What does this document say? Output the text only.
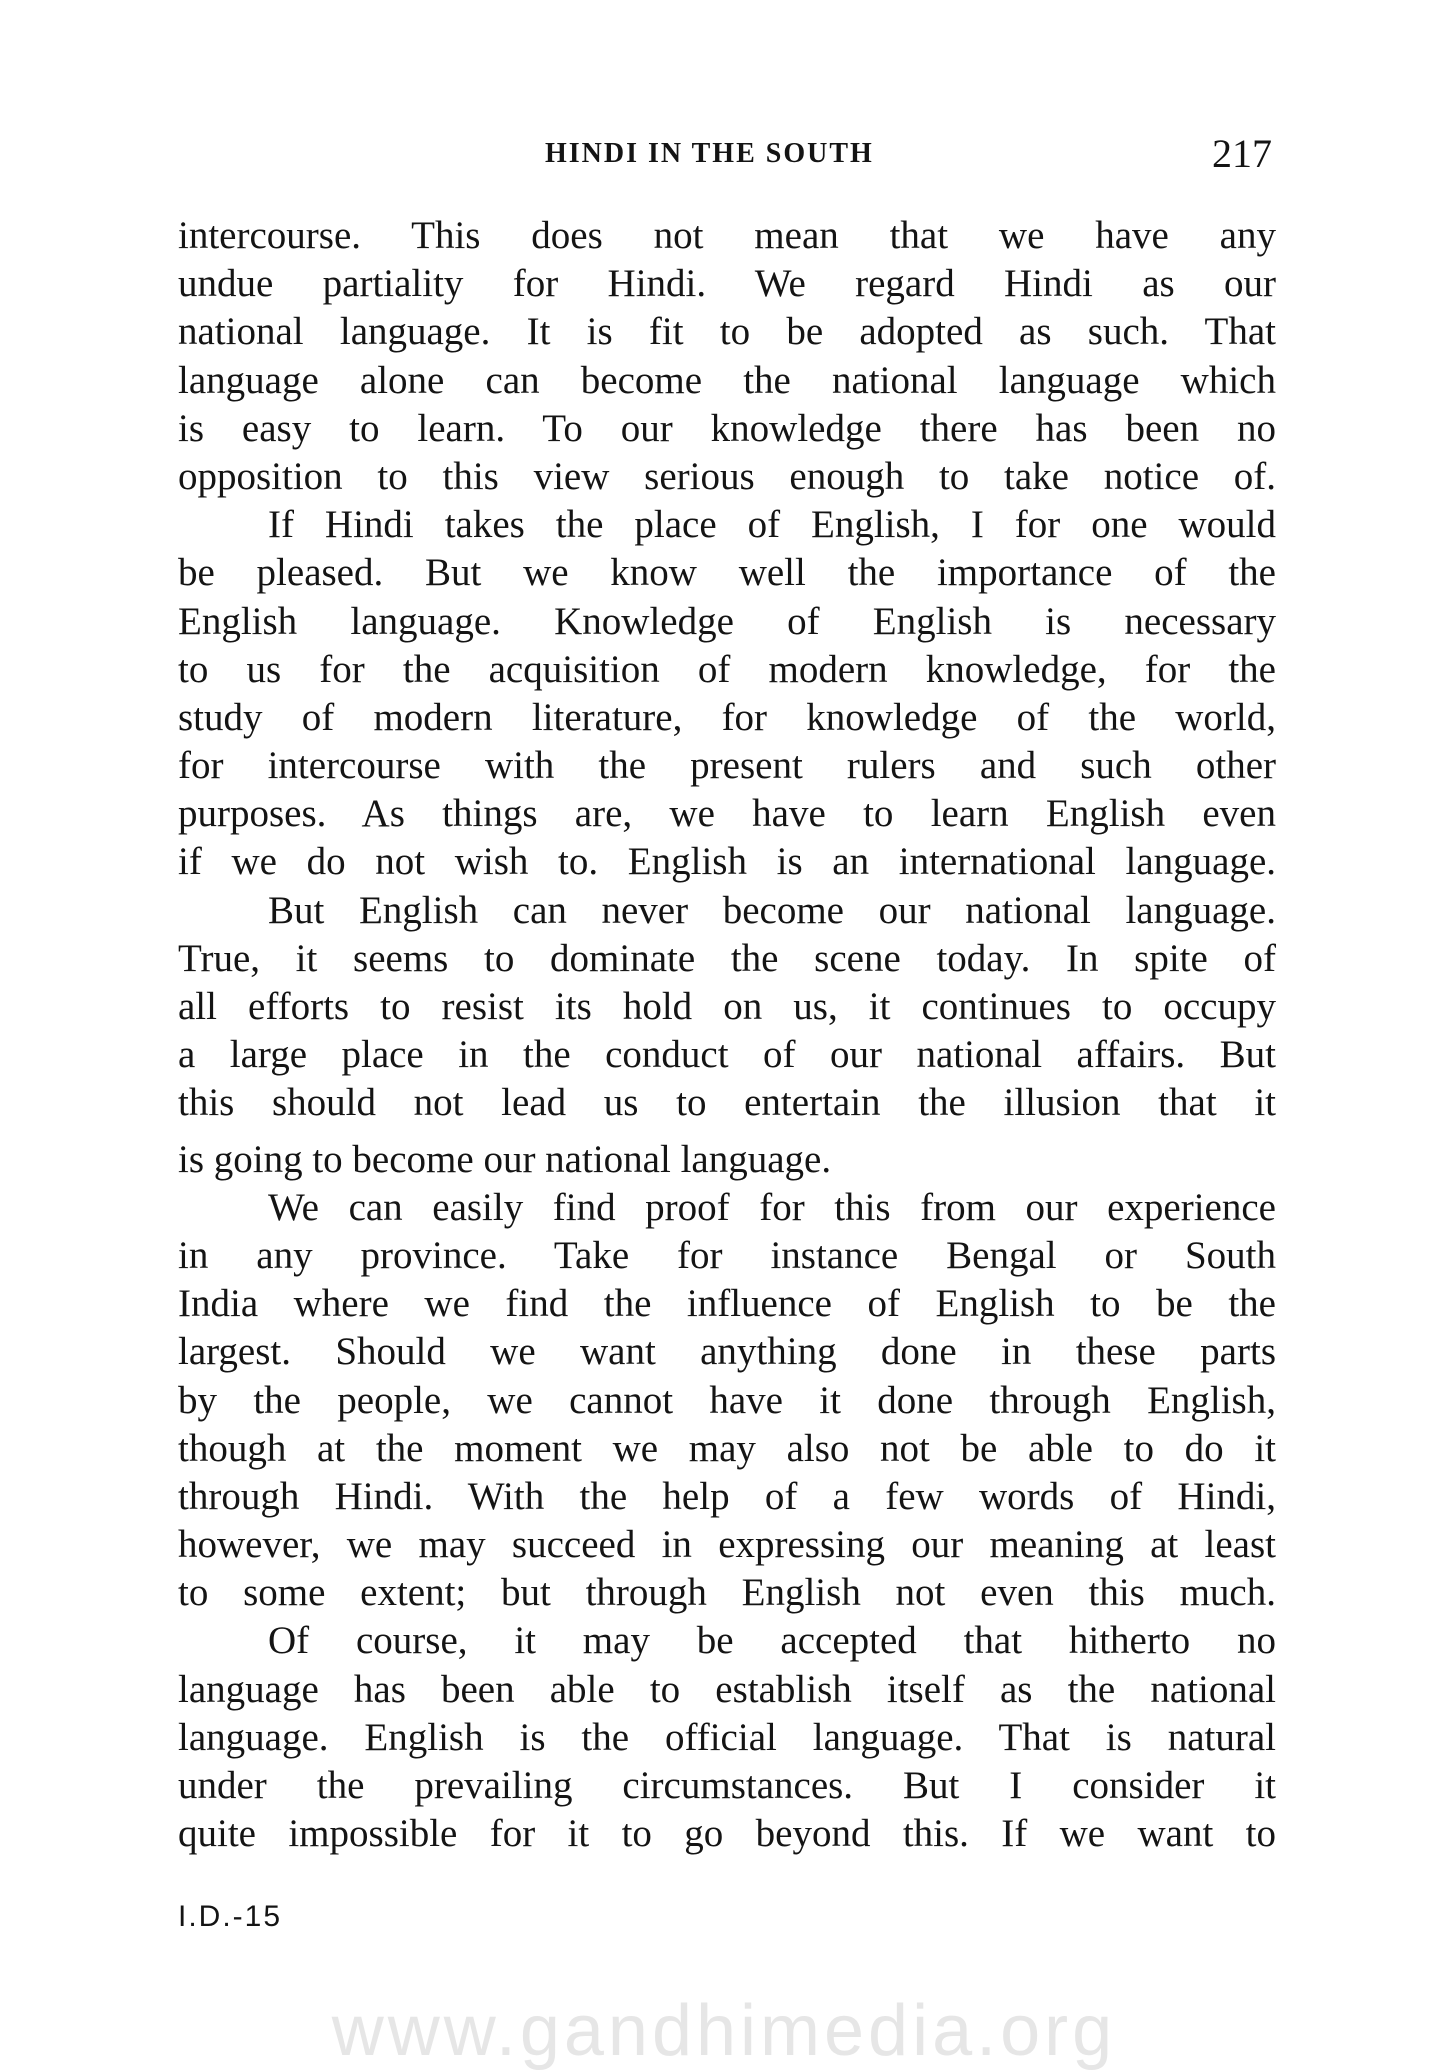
HINDI IN THE SOUTH	217
intercourse. This does not mean that we have any
undue partiality for Hindi. We regard Hindi as our
national language. It is fit to be adopted as such. That
language alone can become the national language which
is easy to learn. To our knowledge there has been no
opposition to this view serious enough to take notice of.
If Hindi takes the place of English, I for one would
be pleased. But we know well the importance of the
English language. Knowledge of English is necessary
to us for the acquisition of modern knowledge, for the
study of modern literature, for knowledge of the world,
for intercourse with the present rulers and such other
purposes. As things are, we have to learn English even
if we do not wish to. English is an international language.
But English can never become our national language.
True, it seems to dominate the scene today. In spite of
all efforts to resist its hold on us, it continues to occupy
a large place in the conduct of our national affairs. But
this should not lead us to entertain the illusion that it
is going to become our national language.
We can easily find proof for this from our experience
in any province. Take for instance Bengal or South
India where we find the influence of English to be the
largest. Should we want anything done in these parts
by the people, we cannot have it done through English,
though at the moment we may also not be able to do it
through Hindi. With the help of a few words of Hindi,
however, we may succeed in expressing our meaning at least
to some extent; but through English not even this much.
Of course, it may be accepted that hitherto no
language has been able to establish itself as the national
language. English is the official language. That is natural
under the prevailing circumstances. But I consider it
quite impossible for it to go beyond this. If we want to
I.D.-15
www.gandhimedia.org
